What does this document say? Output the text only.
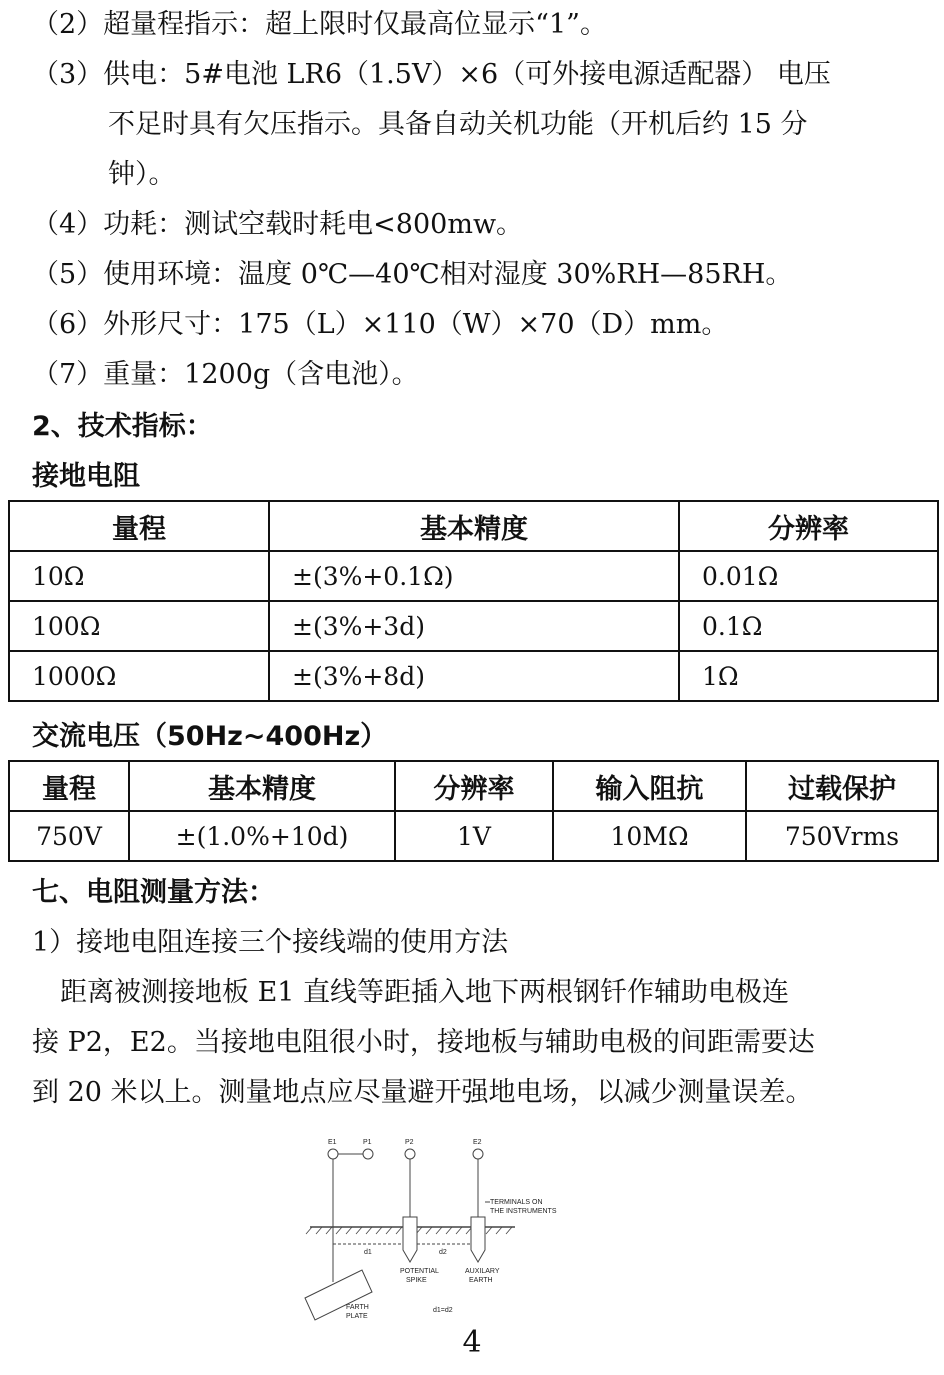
（2）超量程指示：超上限时仅最高位显示“1”。
（3）供电：5#电池 LR6（1.5V）×6（可外接电源适配器） 电压
不足时具有欠压指示。具备自动关机功能（开机后约 15 分
钟）。
（4）功耗：测试空载时耗电<800mw。
（5）使用环境：温度 0℃—40℃相对湿度 30%RH—85RH。
（6）外形尺寸：175（L）×110（W）×70（D）mm。
（7）重量：1200g（含电池）。
2、技术指标：
接地电阻
量程	基本精度	分辨率
10Ω	±(3%+0.1Ω)	0.01Ω
100Ω	±(3%+3d)	0.1Ω
1000Ω	±(3%+8d)	1Ω
交流电压（50Hz~400Hz）
量程	基本精度	分辨率	输入阻抗	过载保护
750V	±(1.0%+10d)	1V	10MΩ	750Vrms
七、电阻测量方法：
1）接地电阻连接三个接线端的使用方法
距离被测接地板 E1 直线等距插入地下两根钢钎作辅助电极连
接 P2，E2。当接地电阻很小时，接地板与辅助电极的间距需要达
到 20 米以上。测量地点应尽量避开强地电场，以减少测量误差。
E1	P1	P2	E2
TERMINALS ON
THE INSTRUMENTS
d1	d2
POTENTIAL
SPIKE
AUXILARY
EARTH
FARTH
PLATE
d1=d2
4
